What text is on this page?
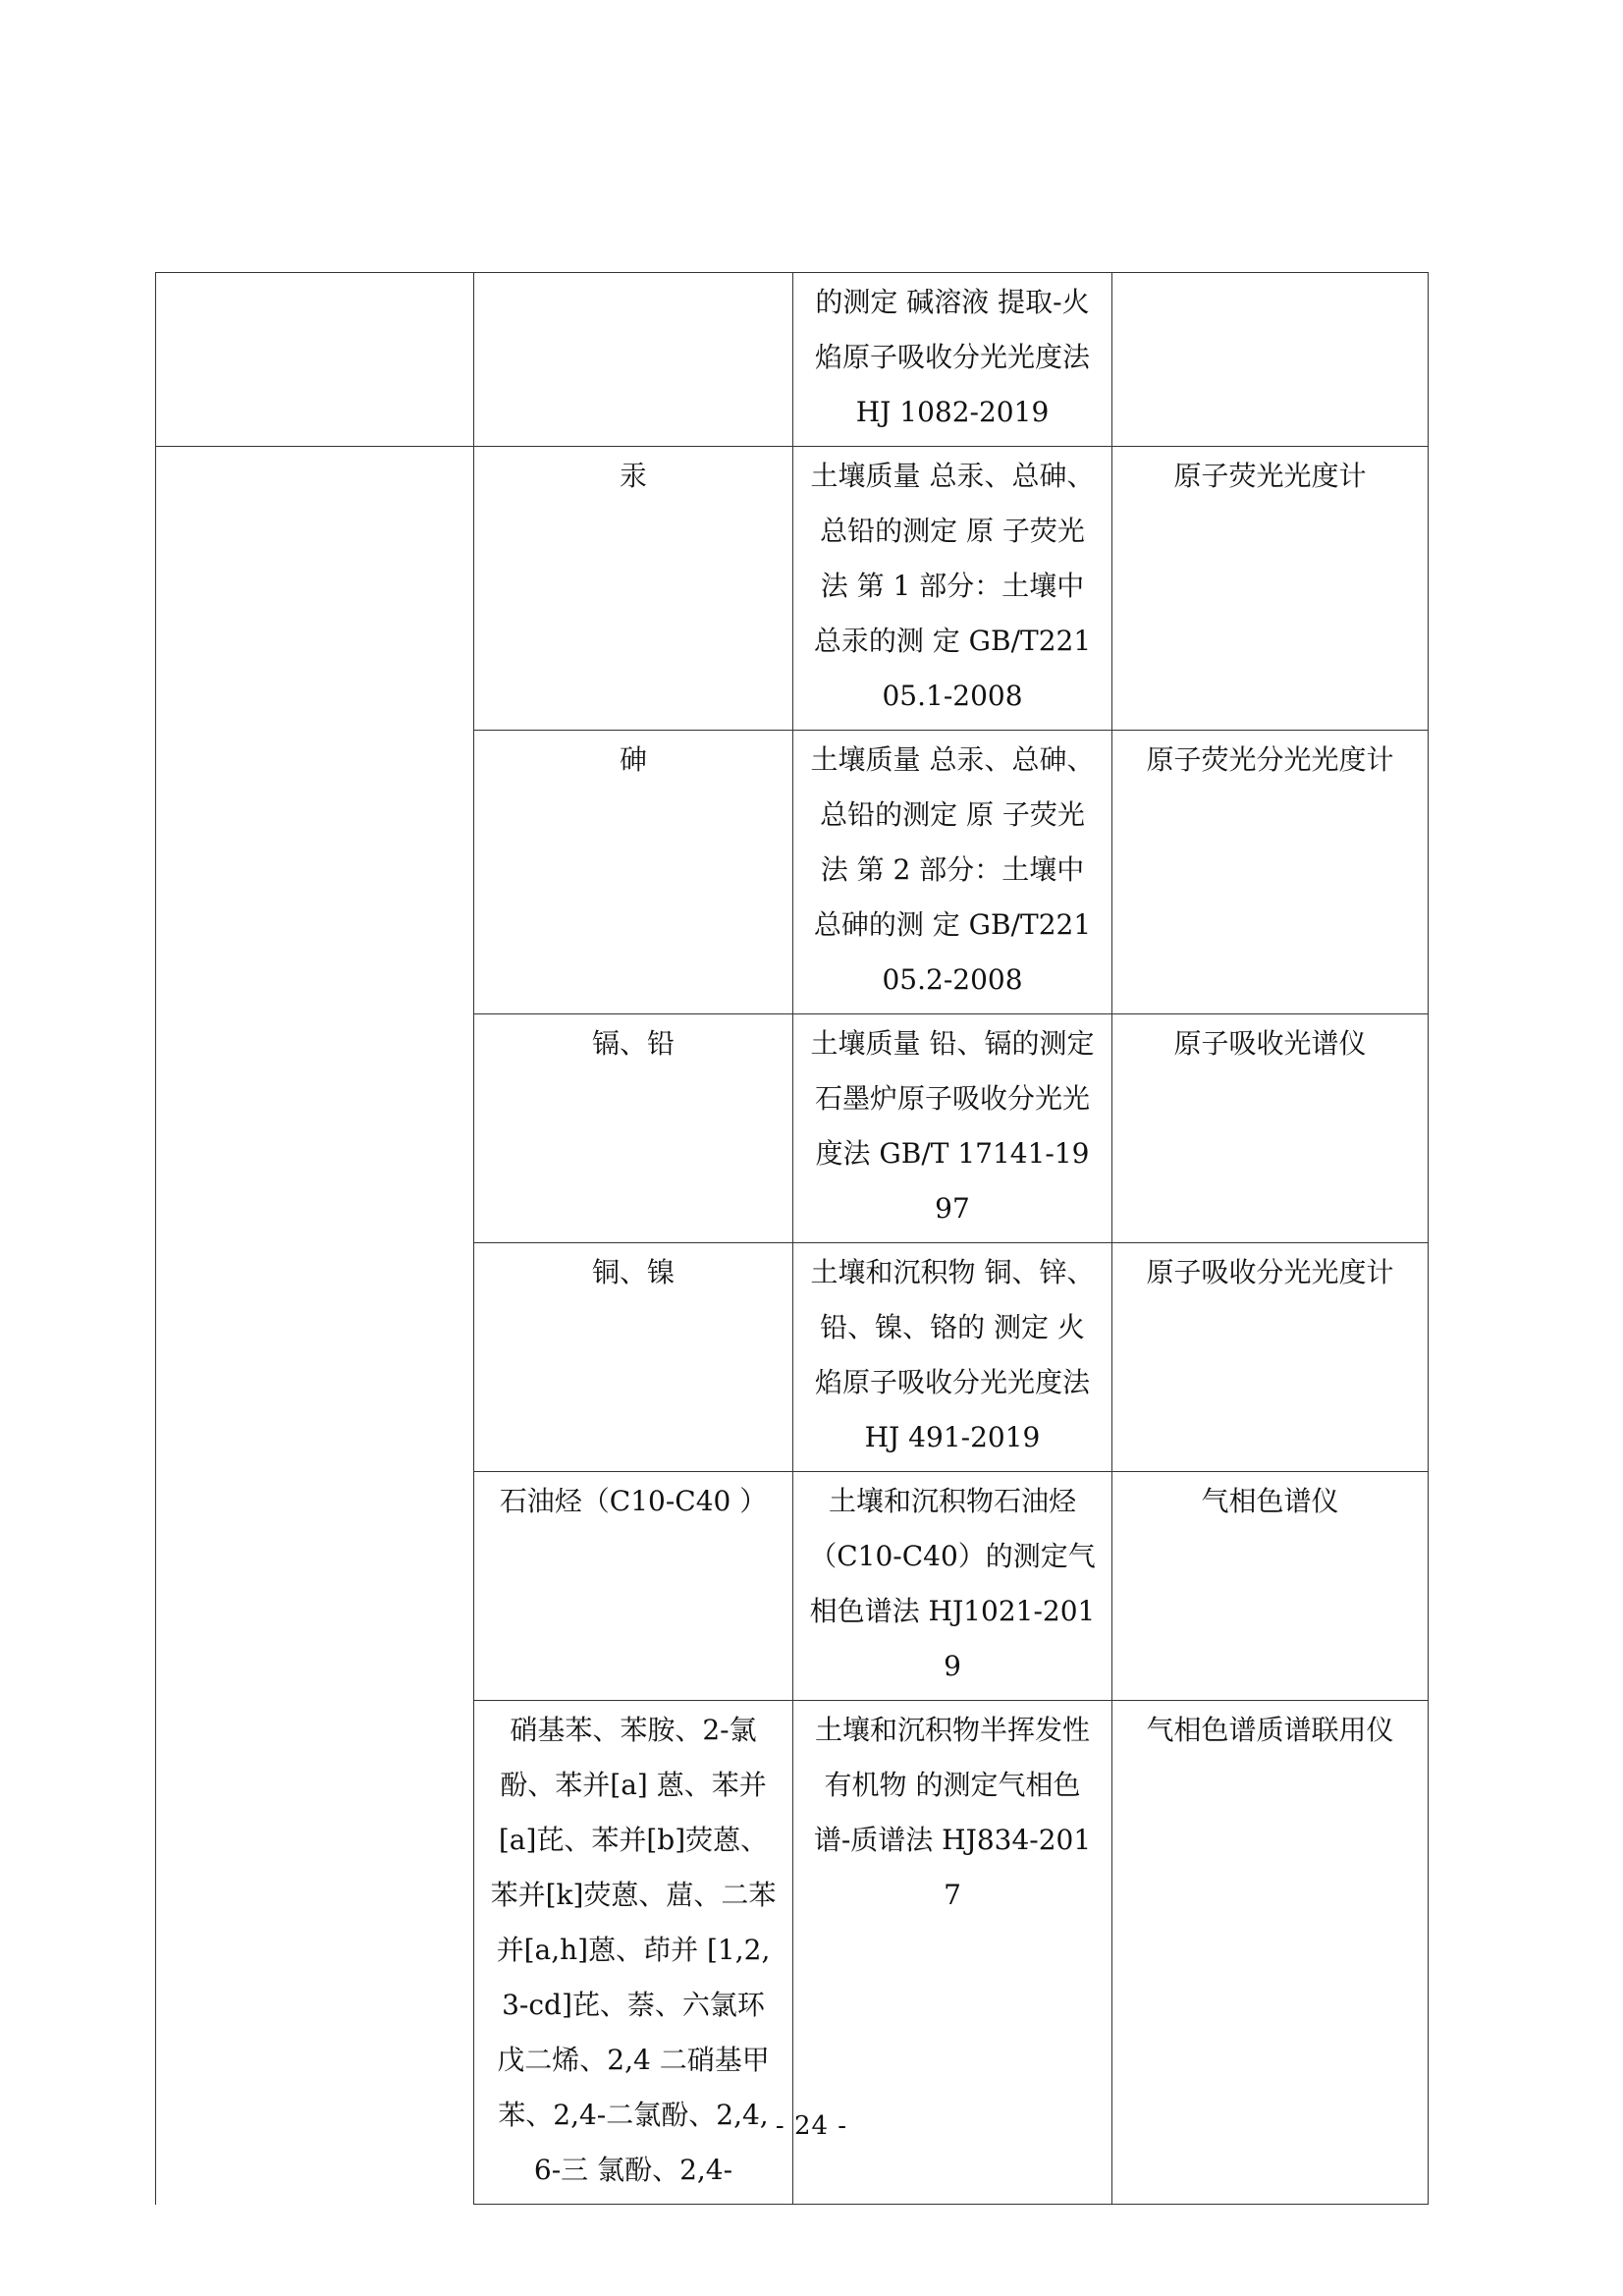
		的测定 碱溶液 提取-火焰原子吸收分光光度法 HJ 1082-2019	

	汞	土壤质量 总汞、总砷、总铅的测定 原 子荧光法 第 1 部分：土壤中总汞的测 定 GB/T22105.1-2008	原子荧光光度计

	砷	土壤质量 总汞、总砷、总铅的测定 原 子荧光法 第 2 部分：土壤中总砷的测 定 GB/T22105.2-2008	原子荧光分光光度计

	镉、铅	土壤质量 铅、镉的测定 石墨炉原子吸收分光光度法 GB/T 17141-1997	原子吸收光谱仪

	铜、镍	土壤和沉积物 铜、锌、铅、镍、铬的 测定 火焰原子吸收分光光度法 HJ 491-2019	原子吸收分光光度计

	石油烃（C10-C40 ）	土壤和沉积物石油烃（C10-C40）的测定气相色谱法 HJ1021-2019	气相色谱仪

	硝基苯、苯胺、2-氯酚、苯并[a] 蒽、苯并[a]芘、苯并[b]荧蒽、苯并[k]荧蒽、䓛、二苯并[a,h]蒽、茚并 [1,2,3-cd]芘、萘、六氯环戊二烯、2,4 二硝基甲苯、2,4-二氯酚、2,4,6-三 氯酚、2,4-	土壤和沉积物半挥发性有机物 的测定气相色谱-质谱法 HJ834-2017	气相色谱质谱联用仪
- 24 -
